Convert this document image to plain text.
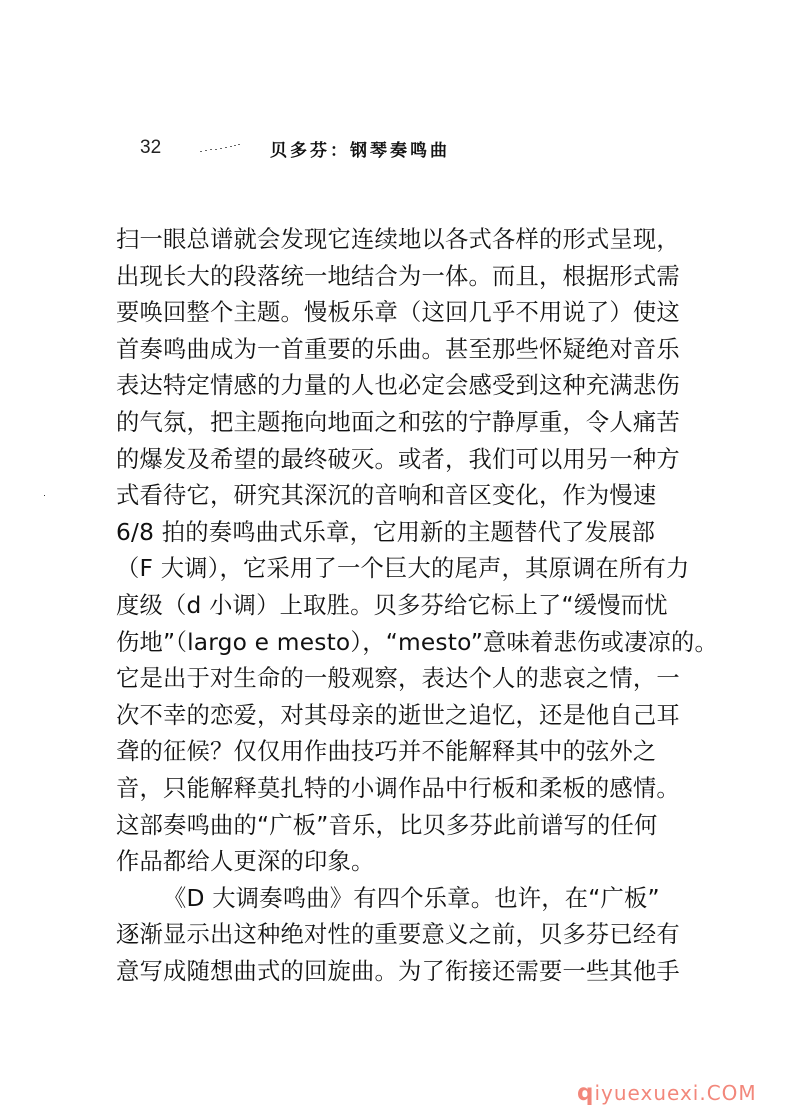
32	贝多芬：钢琴奏鸣曲
扫一眼总谱就会发现它连续地以各式各样的形式呈现，
出现长大的段落统一地结合为一体。而且，根据形式需
要唤回整个主题。慢板乐章（这回几乎不用说了）使这
首奏鸣曲成为一首重要的乐曲。甚至那些怀疑绝对音乐
表达特定情感的力量的人也必定会感受到这种充满悲伤
的气氛，把主题拖向地面之和弦的宁静厚重，令人痛苦
的爆发及希望的最终破灭。或者，我们可以用另一种方
式看待它，研究其深沉的音响和音区变化，作为慢速
6/8 拍的奏鸣曲式乐章，它用新的主题替代了发展部
（F 大调），它采用了一个巨大的尾声，其原调在所有力
度级（d 小调）上取胜。贝多芬给它标上了“缓慢而忧
伤地”（largo e mesto），“mesto”意味着悲伤或凄凉的。
它是出于对生命的一般观察，表达个人的悲哀之情，一
次不幸的恋爱，对其母亲的逝世之追忆，还是他自己耳
聋的征候？仅仅用作曲技巧并不能解释其中的弦外之
音，只能解释莫扎特的小调作品中行板和柔板的感情。
这部奏鸣曲的“广板”音乐，比贝多芬此前谱写的任何
作品都给人更深的印象。
《D 大调奏鸣曲》有四个乐章。也许，在“广板”
逐渐显示出这种绝对性的重要意义之前，贝多芬已经有
意写成随想曲式的回旋曲。为了衔接还需要一些其他手
qiyuexuexi.COM
